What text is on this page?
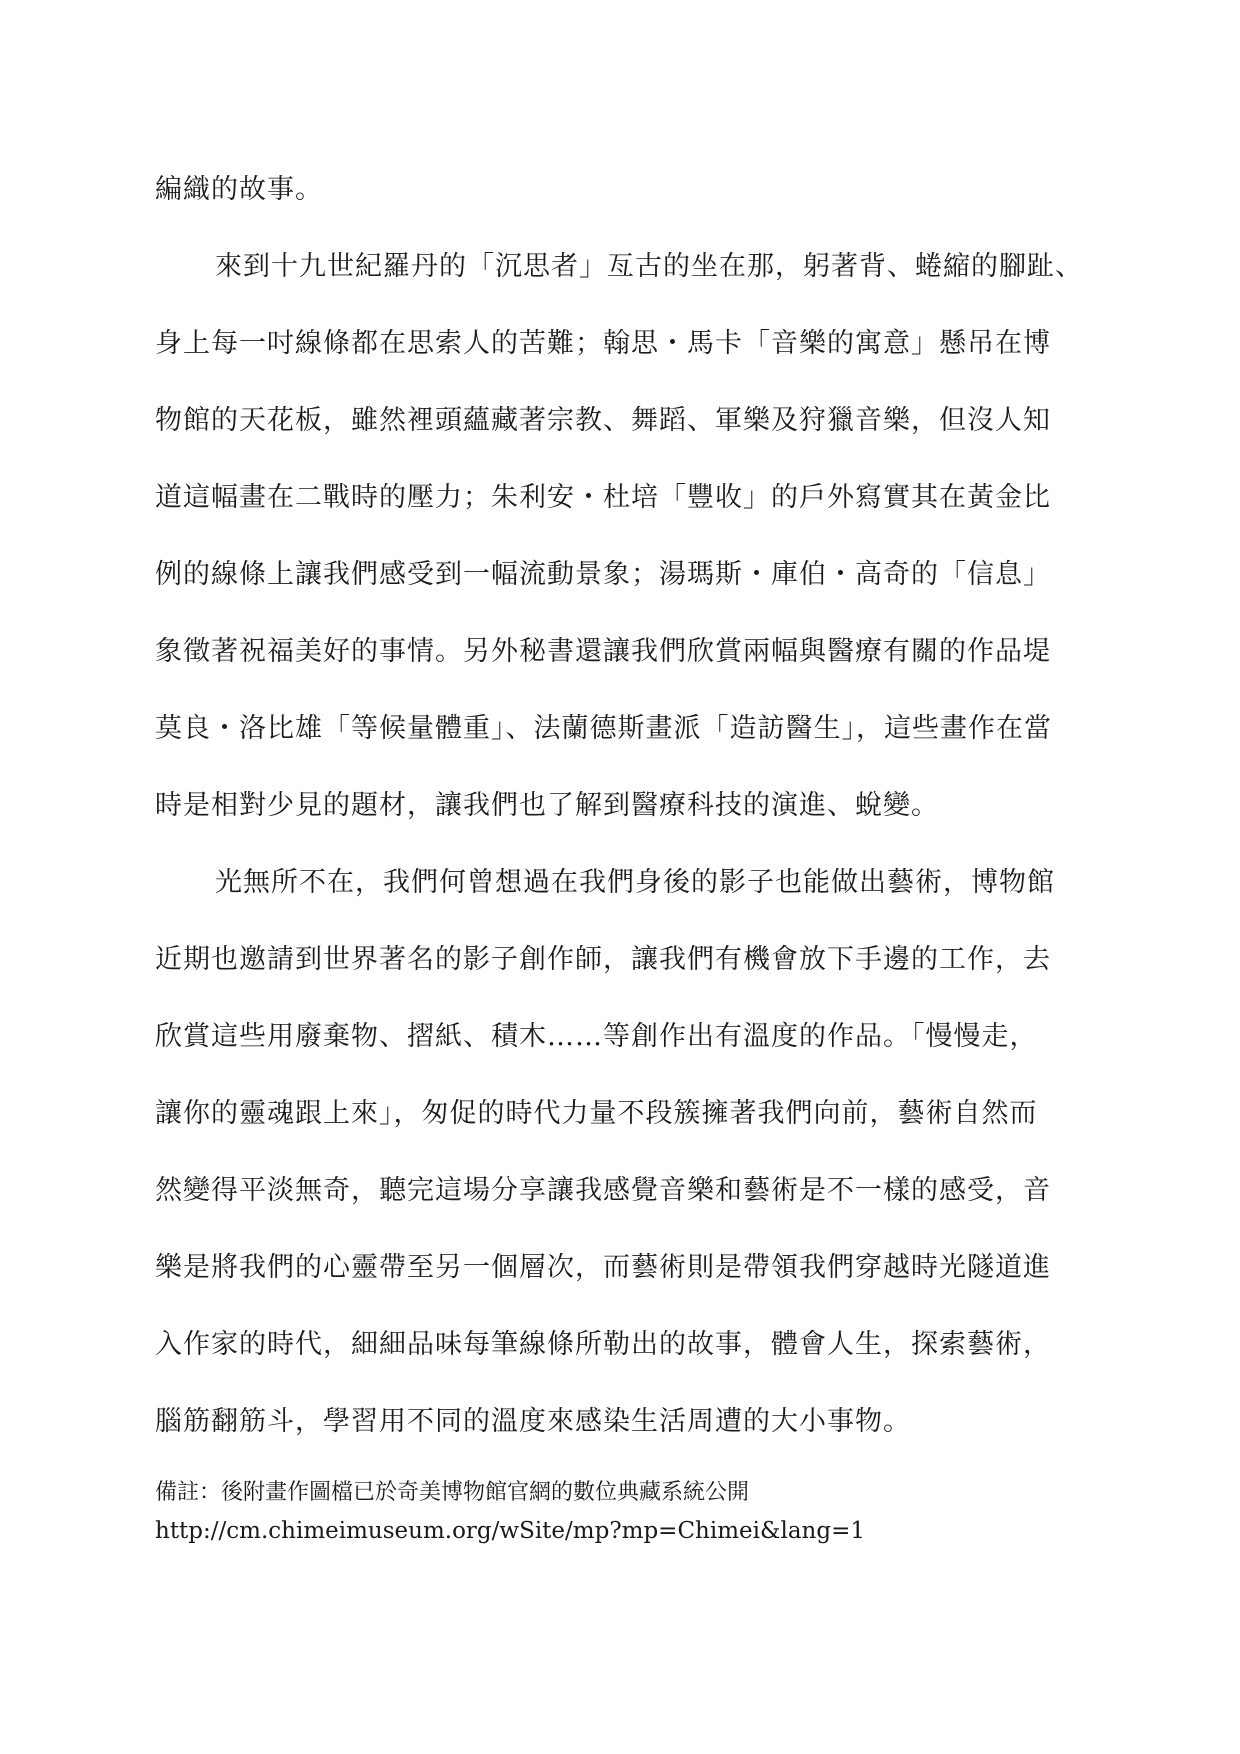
編織的故事。
來到十九世紀羅丹的「沉思者」亙古的坐在那，躬著背、蜷縮的腳趾、
身上每一吋線條都在思索人的苦難；翰思・馬卡「音樂的寓意」懸吊在博
物館的天花板，雖然裡頭蘊藏著宗教、舞蹈、軍樂及狩獵音樂，但沒人知
道這幅畫在二戰時的壓力；朱利安・杜培「豐收」的戶外寫實其在黃金比
例的線條上讓我們感受到一幅流動景象；湯瑪斯・庫伯・高奇的「信息」
象徵著祝福美好的事情。另外秘書還讓我們欣賞兩幅與醫療有關的作品堤
莫良・洛比雄「等候量體重」、法蘭德斯畫派「造訪醫生」，這些畫作在當
時是相對少見的題材，讓我們也了解到醫療科技的演進、蛻變。
光無所不在，我們何曾想過在我們身後的影子也能做出藝術，博物館
近期也邀請到世界著名的影子創作師，讓我們有機會放下手邊的工作，去
欣賞這些用廢棄物、摺紙、積木……等創作出有溫度的作品。「慢慢走，
讓你的靈魂跟上來」，匆促的時代力量不段簇擁著我們向前，藝術自然而
然變得平淡無奇，聽完這場分享讓我感覺音樂和藝術是不一樣的感受，音
樂是將我們的心靈帶至另一個層次，而藝術則是帶領我們穿越時光隧道進
入作家的時代，細細品味每筆線條所勒出的故事，體會人生，探索藝術，
腦筋翻筋斗，學習用不同的溫度來感染生活周遭的大小事物。
備註：後附畫作圖檔已於奇美博物館官網的數位典藏系統公開
http://cm.chimeimuseum.org/wSite/mp?mp=Chimei&lang=1
